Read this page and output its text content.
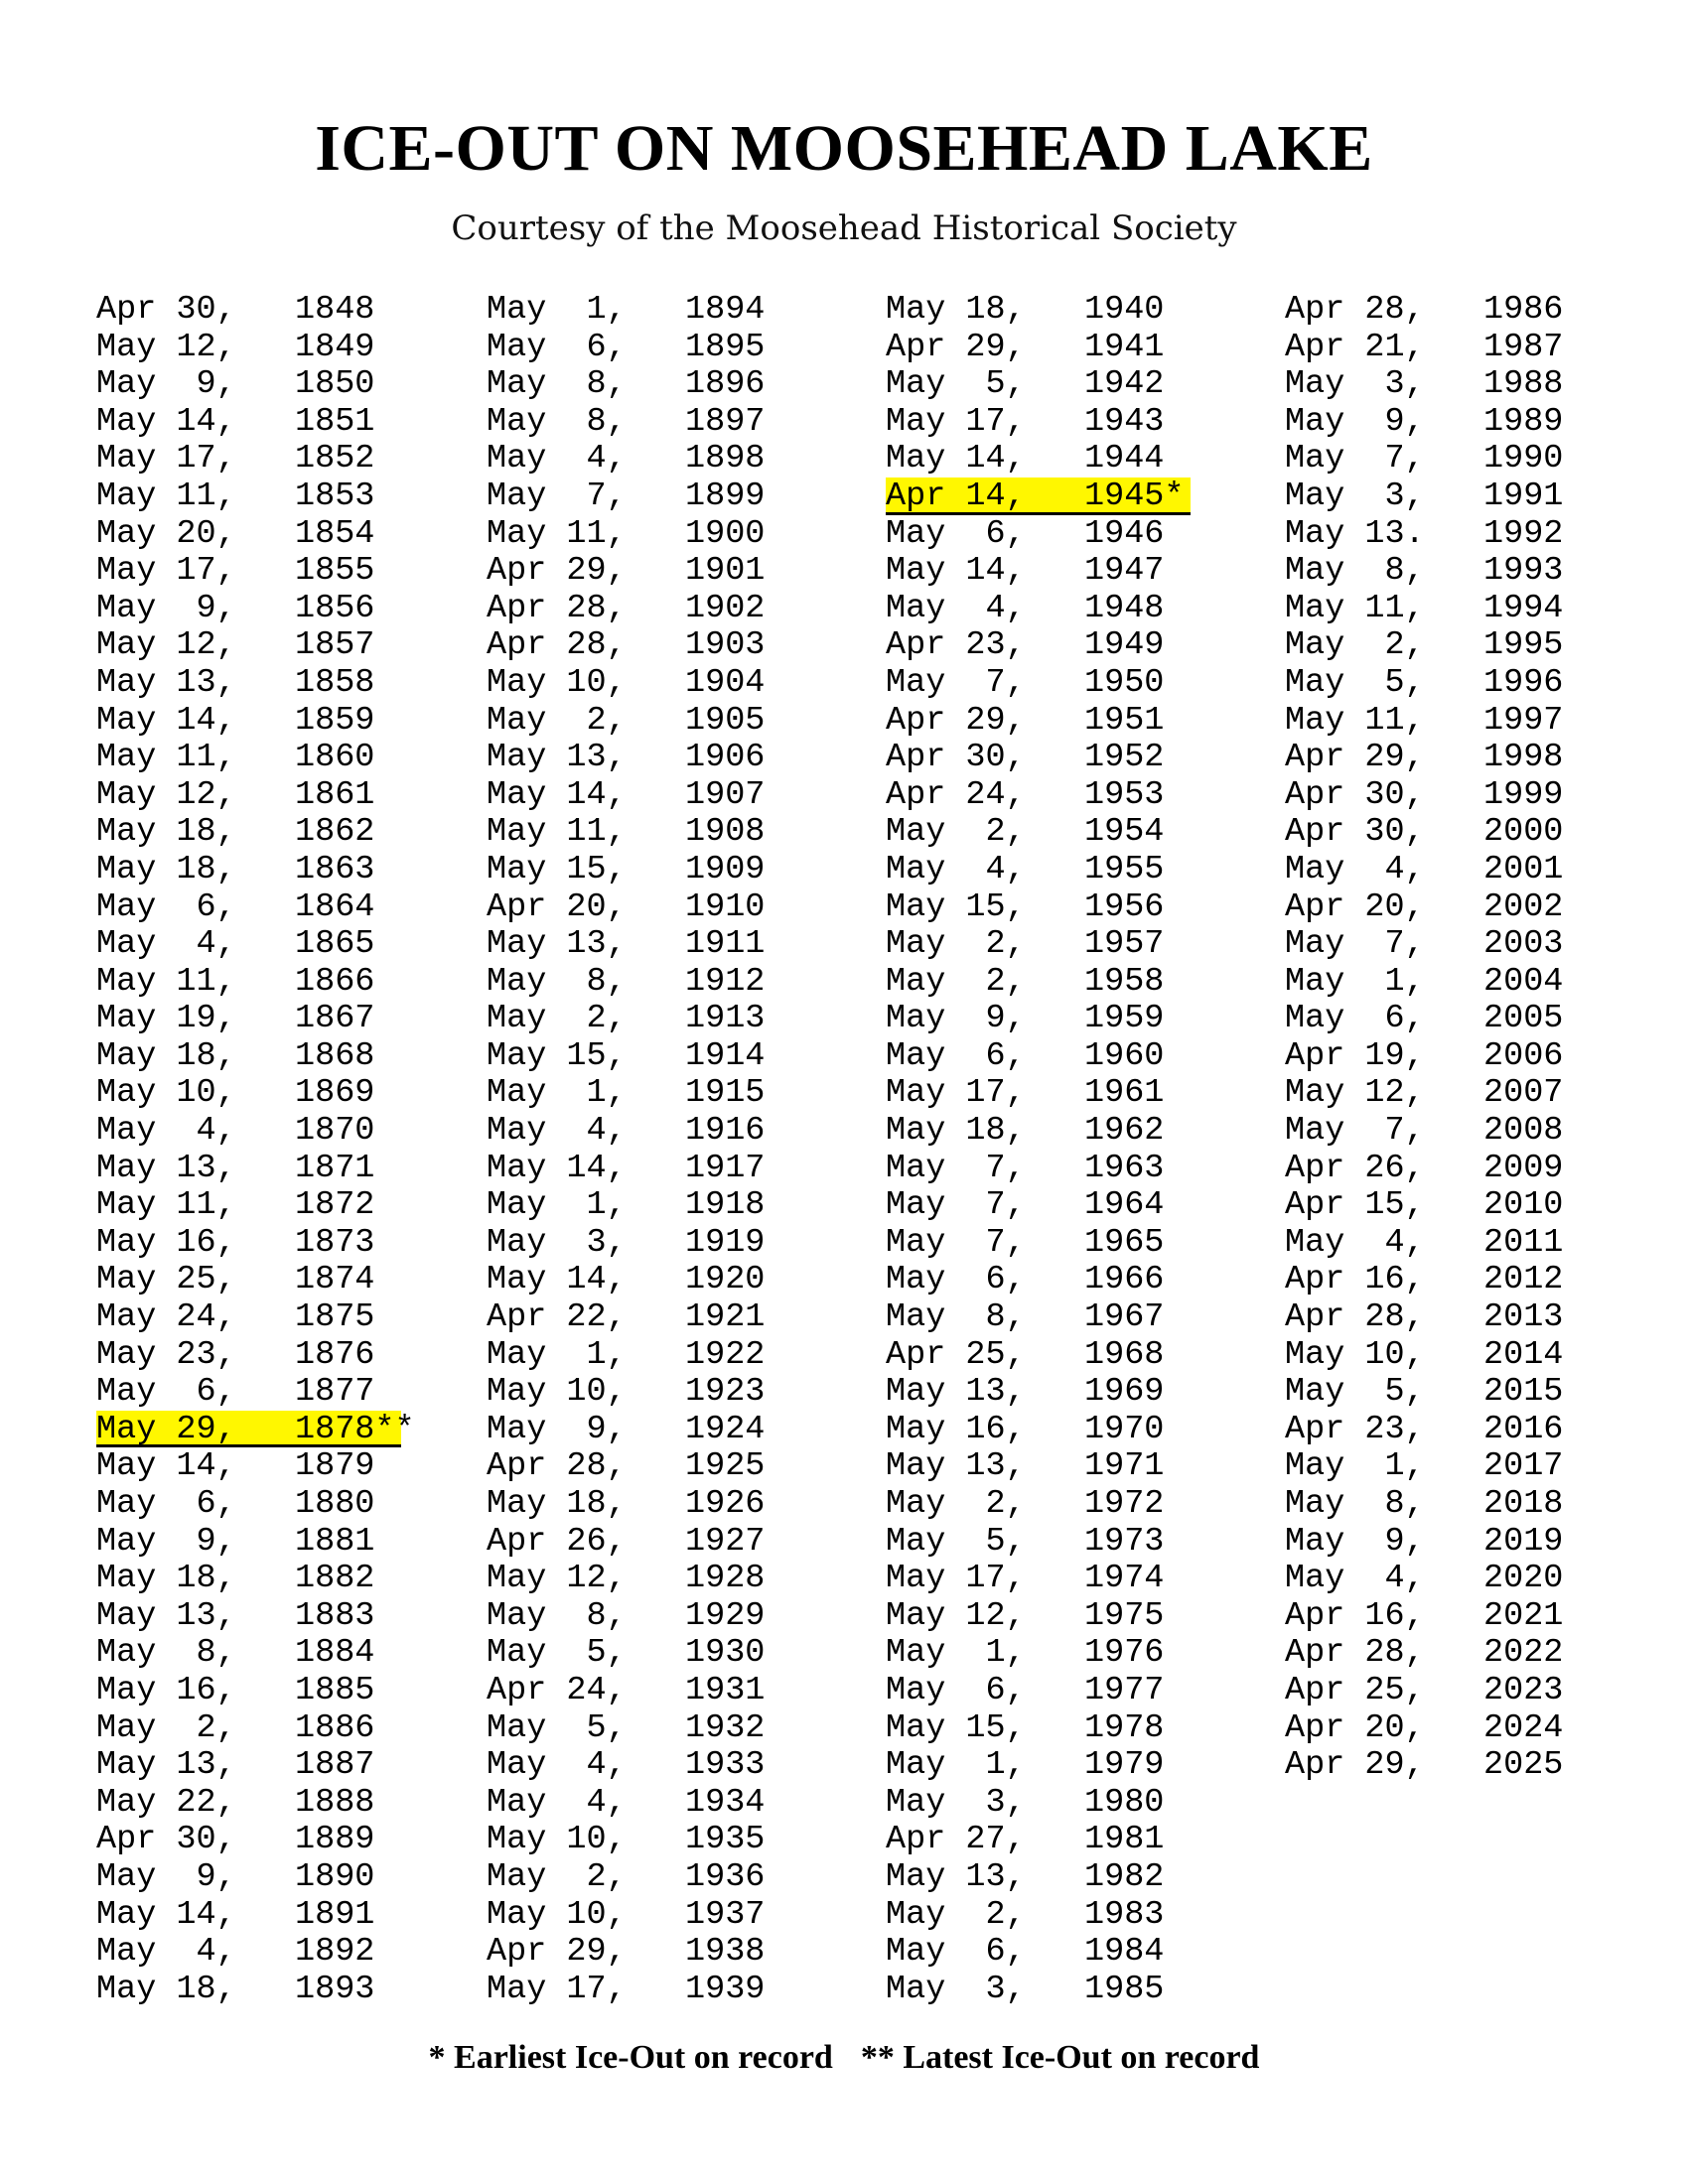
ICE-OUT ON MOOSEHEAD LAKE
Courtesy of the Moosehead Historical Society
Apr 30, 1848
May 12, 1849
May  9, 1850
May 14, 1851
May 17, 1852
May 11, 1853
May 20, 1854
May 17, 1855
May  9, 1856
May 12, 1857
May 13, 1858
May 14, 1859
May 11, 1860
May 12, 1861
May 18, 1862
May 18, 1863
May  6, 1864
May  4, 1865
May 11, 1866
May 19, 1867
May 18, 1868
May 10, 1869
May  4, 1870
May 13, 1871
May 11, 1872
May 16, 1873
May 25, 1874
May 24, 1875
May 23, 1876
May  6, 1877
May 29, 1878**
May 14, 1879
May  6, 1880
May  9, 1881
May 18, 1882
May 13, 1883
May  8, 1884
May 16, 1885
May  2, 1886
May 13, 1887
May 22, 1888
Apr 30, 1889
May  9, 1890
May 14, 1891
May  4, 1892
May 18, 1893
May  1, 1894
May  6, 1895
May  8, 1896
May  8, 1897
May  4, 1898
May  7, 1899
May 11, 1900
Apr 29, 1901
Apr 28, 1902
Apr 28, 1903
May 10, 1904
May  2, 1905
May 13, 1906
May 14, 1907
May 11, 1908
May 15, 1909
Apr 20, 1910
May 13, 1911
May  8, 1912
May  2, 1913
May 15, 1914
May  1, 1915
May  4, 1916
May 14, 1917
May  1, 1918
May  3, 1919
May 14, 1920
Apr 22, 1921
May  1, 1922
May 10, 1923
May  9, 1924
Apr 28, 1925
May 18, 1926
Apr 26, 1927
May 12, 1928
May  8, 1929
May  5, 1930
Apr 24, 1931
May  5, 1932
May  4, 1933
May  4, 1934
May 10, 1935
May  2, 1936
May 10, 1937
Apr 29, 1938
May 17, 1939
May 18, 1940
Apr 29, 1941
May  5, 1942
May 17, 1943
May 14, 1944
Apr 14, 1945*
May  6, 1946
May 14, 1947
May  4, 1948
Apr 23, 1949
May  7, 1950
Apr 29, 1951
Apr 30, 1952
Apr 24, 1953
May  2, 1954
May  4, 1955
May 15, 1956
May  2, 1957
May  2, 1958
May  9, 1959
May  6, 1960
May 17, 1961
May 18, 1962
May  7, 1963
May  7, 1964
May  7, 1965
May  6, 1966
May  8, 1967
Apr 25, 1968
May 13, 1969
May 16, 1970
May 13, 1971
May  2, 1972
May  5, 1973
May 17, 1974
May 12, 1975
May  1, 1976
May  6, 1977
May 15, 1978
May  1, 1979
May  3, 1980
Apr 27, 1981
May 13, 1982
May  2, 1983
May  6, 1984
May  3, 1985
Apr 28, 1986
Apr 21, 1987
May  3, 1988
May  9, 1989
May  7, 1990
May  3, 1991
May 13. 1992
May  8, 1993
May 11, 1994
May  2, 1995
May  5, 1996
May 11, 1997
Apr 29, 1998
Apr 30, 1999
Apr 30, 2000
May  4, 2001
Apr 20, 2002
May  7, 2003
May  1, 2004
May  6, 2005
Apr 19, 2006
May 12, 2007
May  7, 2008
Apr 26, 2009
Apr 15, 2010
May  4, 2011
Apr 16, 2012
Apr 28, 2013
May 10, 2014
May  5, 2015
Apr 23, 2016
May  1, 2017
May  8, 2018
May  9, 2019
May  4, 2020
Apr 16, 2021
Apr 28, 2022
Apr 25, 2023
Apr 20, 2024
Apr 29, 2025
* Earliest Ice-Out on record ** Latest Ice-Out on record
